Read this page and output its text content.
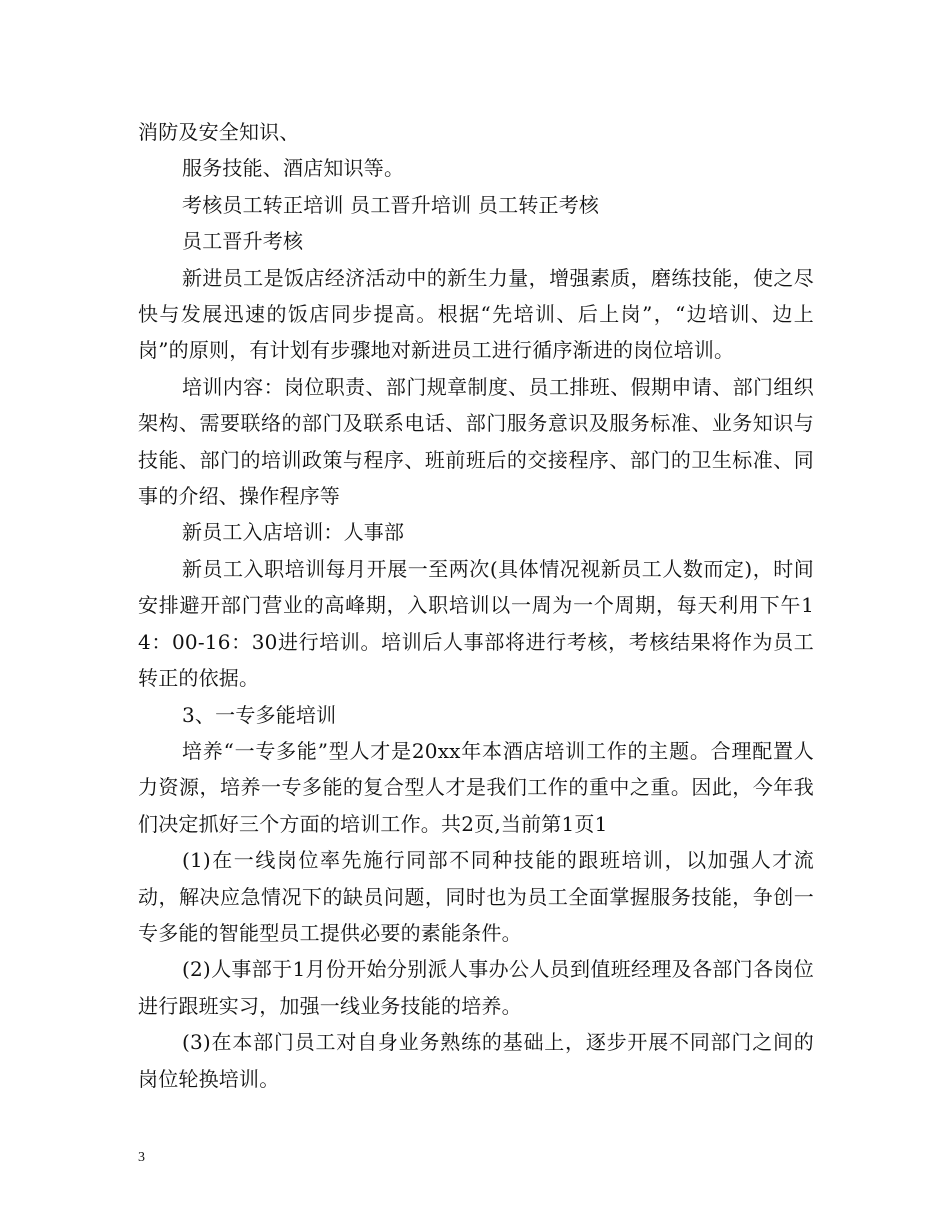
消防及安全知识、

服务技能、酒店知识等。

考核员工转正培训 员工晋升培训 员工转正考核

员工晋升考核

新进员工是饭店经济活动中的新生力量，增强素质，磨练技能，使之尽快与发展迅速的饭店同步提高。根据“先培训、后上岗”，“边培训、边上岗”的原则，有计划有步骤地对新进员工进行循序渐进的岗位培训。

培训内容：岗位职责、部门规章制度、员工排班、假期申请、部门组织架构、需要联络的部门及联系电话、部门服务意识及服务标准、业务知识与技能、部门的培训政策与程序、班前班后的交接程序、部门的卫生标准、同事的介绍、操作程序等

新员工入店培训：人事部

新员工入职培训每月开展一至两次(具体情况视新员工人数而定)，时间安排避开部门营业的高峰期，入职培训以一周为一个周期，每天利用下午14：00-16：30进行培训。培训后人事部将进行考核，考核结果将作为员工转正的依据。

3、一专多能培训

培养“一专多能”型人才是20xx年本酒店培训工作的主题。合理配置人力资源，培养一专多能的复合型人才是我们工作的重中之重。因此，今年我们决定抓好三个方面的培训工作。共2页,当前第1页1

(1)在一线岗位率先施行同部不同种技能的跟班培训，以加强人才流动，解决应急情况下的缺员问题，同时也为员工全面掌握服务技能，争创一专多能的智能型员工提供必要的素能条件。

(2)人事部于1月份开始分别派人事办公人员到值班经理及各部门各岗位进行跟班实习，加强一线业务技能的培养。

(3)在本部门员工对自身业务熟练的基础上，逐步开展不同部门之间的岗位轮换培训。

3
